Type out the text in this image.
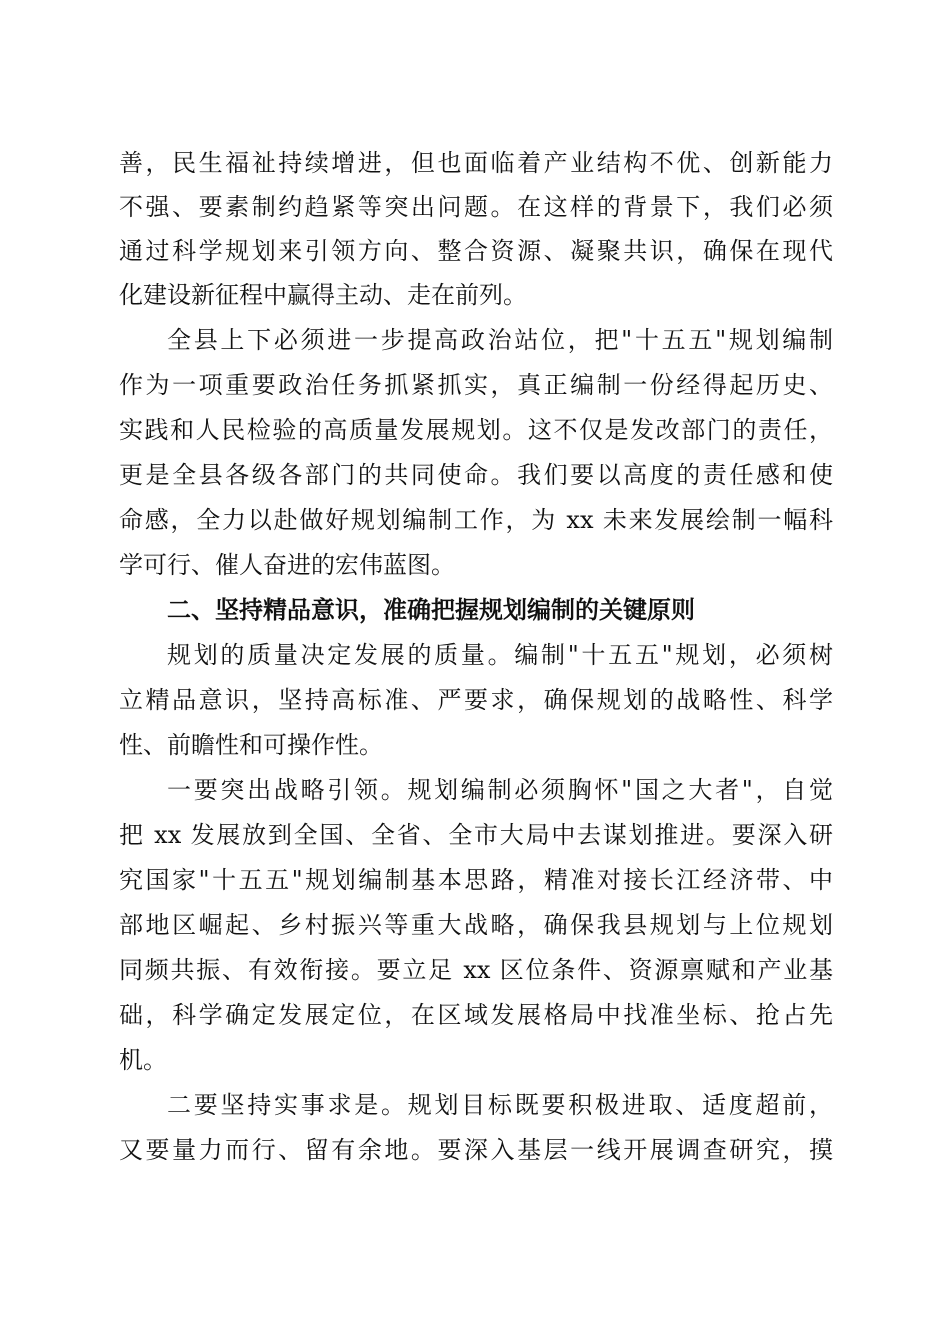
善，民生福祉持续增进，但也面临着产业结构不优、创新能力
不强、要素制约趋紧等突出问题。在这样的背景下，我们必须
通过科学规划来引领方向、整合资源、凝聚共识，确保在现代
化建设新征程中赢得主动、走在前列。
全县上下必须进一步提高政治站位，把"十五五"规划编制
作为一项重要政治任务抓紧抓实，真正编制一份经得起历史、
实践和人民检验的高质量发展规划。这不仅是发改部门的责任，
更是全县各级各部门的共同使命。我们要以高度的责任感和使
命感，全力以赴做好规划编制工作，为 xx 未来发展绘制一幅科
学可行、催人奋进的宏伟蓝图。
二、坚持精品意识，准确把握规划编制的关键原则
规划的质量决定发展的质量。编制"十五五"规划，必须树
立精品意识，坚持高标准、严要求，确保规划的战略性、科学
性、前瞻性和可操作性。
一要突出战略引领。规划编制必须胸怀"国之大者"，自觉
把 xx 发展放到全国、全省、全市大局中去谋划推进。要深入研
究国家"十五五"规划编制基本思路，精准对接长江经济带、中
部地区崛起、乡村振兴等重大战略，确保我县规划与上位规划
同频共振、有效衔接。要立足 xx 区位条件、资源禀赋和产业基
础，科学确定发展定位，在区域发展格局中找准坐标、抢占先
机。
二要坚持实事求是。规划目标既要积极进取、适度超前，
又要量力而行、留有余地。要深入基层一线开展调查研究，摸
